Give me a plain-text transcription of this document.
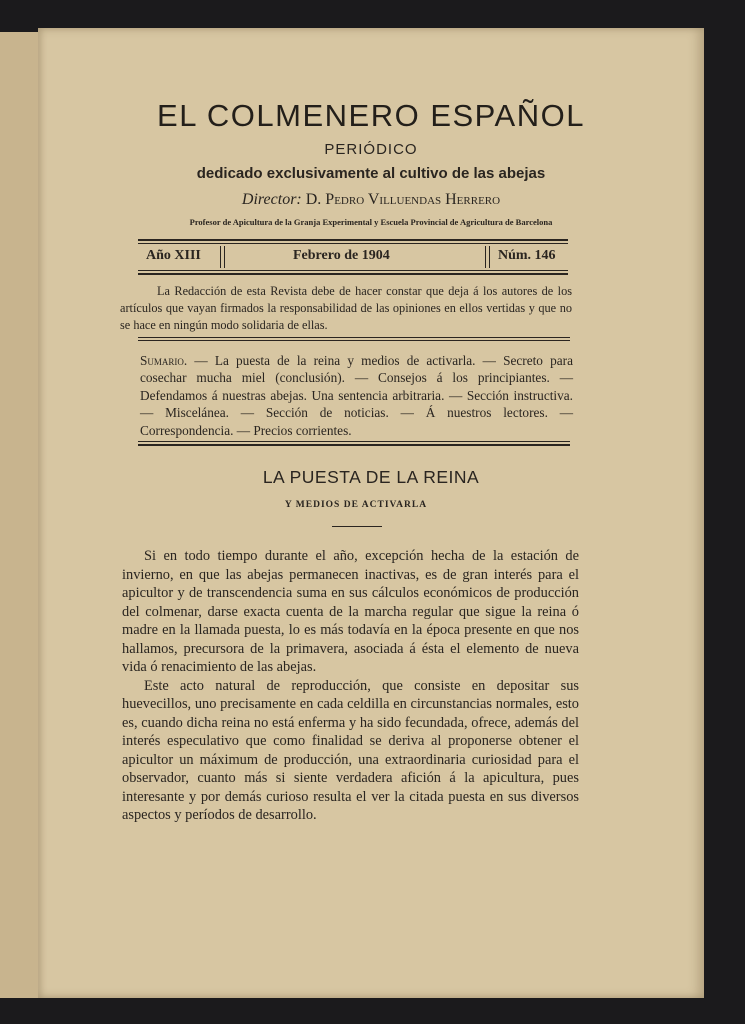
EL COLMENERO ESPAÑOL
PERIÓDICO
dedicado exclusivamente al cultivo de las abejas
Director: D. Pedro Villuendas Herrero
Profesor de Apicultura de la Granja Experimental y Escuela Provincial de Agricultura de Barcelona
Año XIII	Febrero de 1904	Núm. 146

La Redacción de esta Revista debe de hacer constar que deja á los autores de los artículos que vayan firmados la responsabilidad de las opiniones en ellos vertidas y que no se hace en ningún modo solidaria de ellas.

Sumario. — La puesta de la reina y medios de activarla. — Secreto para cosechar mucha miel (conclusión). — Consejos á los principiantes. — Defendamos á nuestras abejas. Una sentencia arbitraria. — Sección instructiva. — Miscelánea. — Sección de noticias. — Á nuestros lectores. — Correspondencia. — Precios corrientes.

LA PUESTA DE LA REINA
Y MEDIOS DE ACTIVARLA

Si en todo tiempo durante el año, excepción hecha de la estación de invierno, en que las abejas permanecen inactivas, es de gran interés para el apicultor y de transcendencia suma en sus cálculos económicos de producción del colmenar, darse exacta cuenta de la marcha regular que sigue la reina ó madre en la llamada puesta, lo es más todavía en la época presente en que nos hallamos, precursora de la primavera, asociada á ésta el elemento de nueva vida ó renacimiento de las abejas.

Este acto natural de reproducción, que consiste en depositar sus huevecillos, uno precisamente en cada celdilla en circunstancias normales, esto es, cuando dicha reina no está enferma y ha sido fecundada, ofrece, además del interés especulativo que como finalidad se deriva al proponerse obtener el apicultor un máximum de producción, una extraordinaria curiosidad para el observador, cuanto más si siente verdadera afición á la apicultura, pues interesante y por demás curioso resulta el ver la citada puesta en sus diversos aspectos y períodos de desarrollo.
